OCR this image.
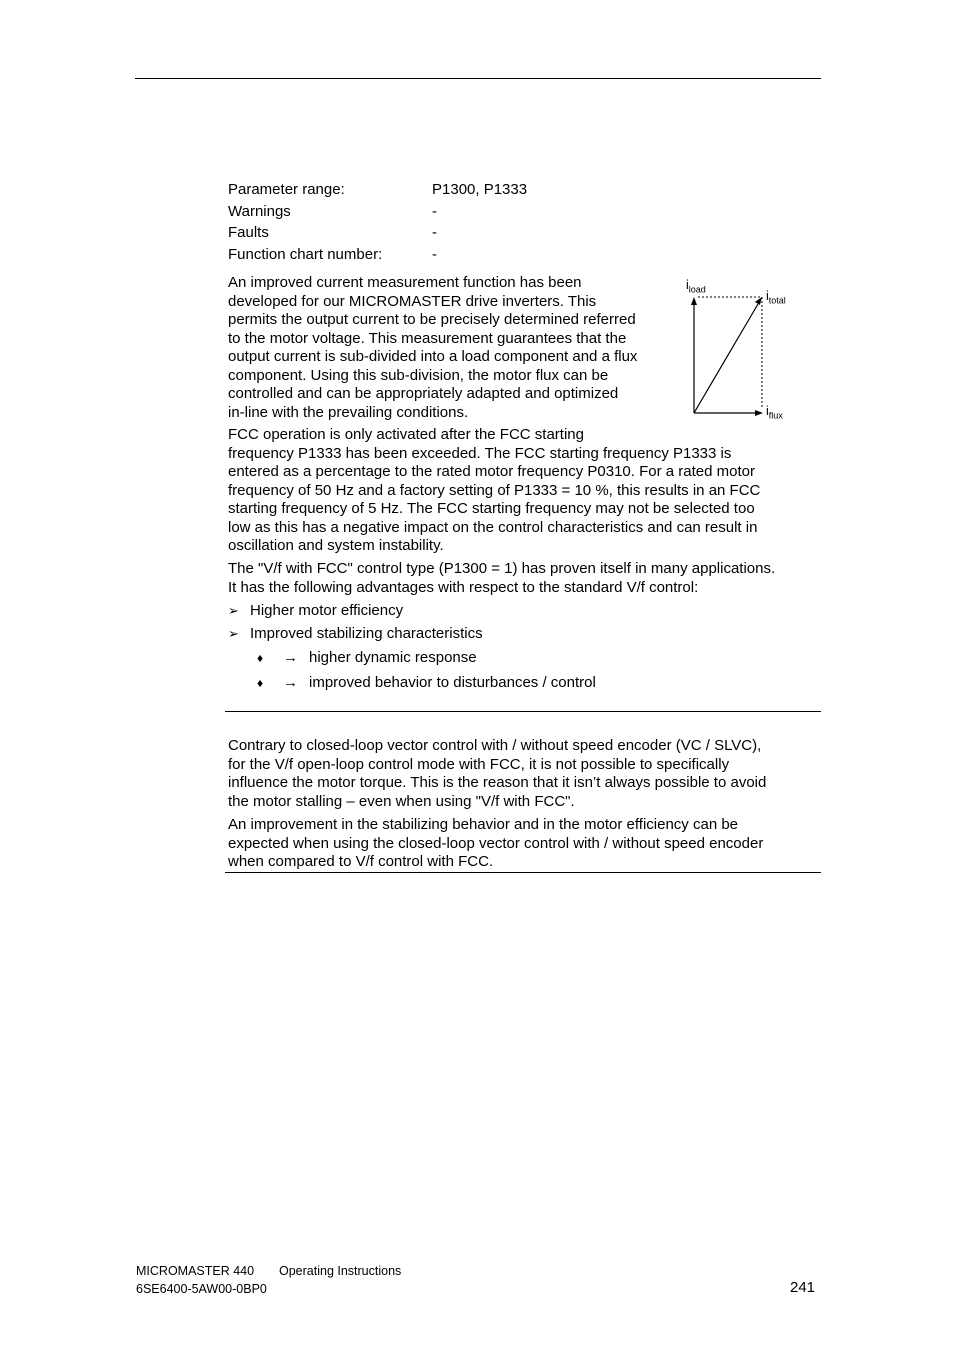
Parameter range:	P1300, P1333
Warnings	-
Faults	-
Function chart number:	-
An improved current measurement function has been
developed for our MICROMASTER drive inverters. This
permits the output current to be precisely determined referred
to the motor voltage. This measurement guarantees that the
output current is sub-divided into a load component and a flux
component. Using this sub-division, the motor flux can be
controlled and can be appropriately adapted and optimized
in-line with the prevailing conditions.
$i_{load}$	$i_{total}$
$i_{flux}$
FCC operation is only activated after the FCC starting
frequency P1333 has been exceeded. The FCC starting frequency P1333 is
entered as a percentage to the rated motor frequency P0310. For a rated motor
frequency of 50 Hz and a factory setting of P1333 = 10 %, this results in an FCC
starting frequency of 5 Hz. The FCC starting frequency may not be selected too
low as this has a negative impact on the control characteristics and can result in
oscillation and system instability.
The "V/f with FCC" control type (P1300 = 1) has proven itself in many applications.
It has the following advantages with respect to the standard V/f control:
➢ Higher motor efficiency
➢ Improved stabilizing characteristics
♦ → higher dynamic response
♦ → improved behavior to disturbances / control
Contrary to closed-loop vector control with / without speed encoder (VC / SLVC),
for the V/f open-loop control mode with FCC, it is not possible to specifically
influence the motor torque. This is the reason that it isn’t always possible to avoid
the motor stalling – even when using "V/f with FCC".
An improvement in the stabilizing behavior and in the motor efficiency can be
expected when using the closed-loop vector control with / without speed encoder
when compared to V/f control with FCC.
MICROMASTER 440 Operating Instructions
6SE6400-5AW00-0BP0	241
